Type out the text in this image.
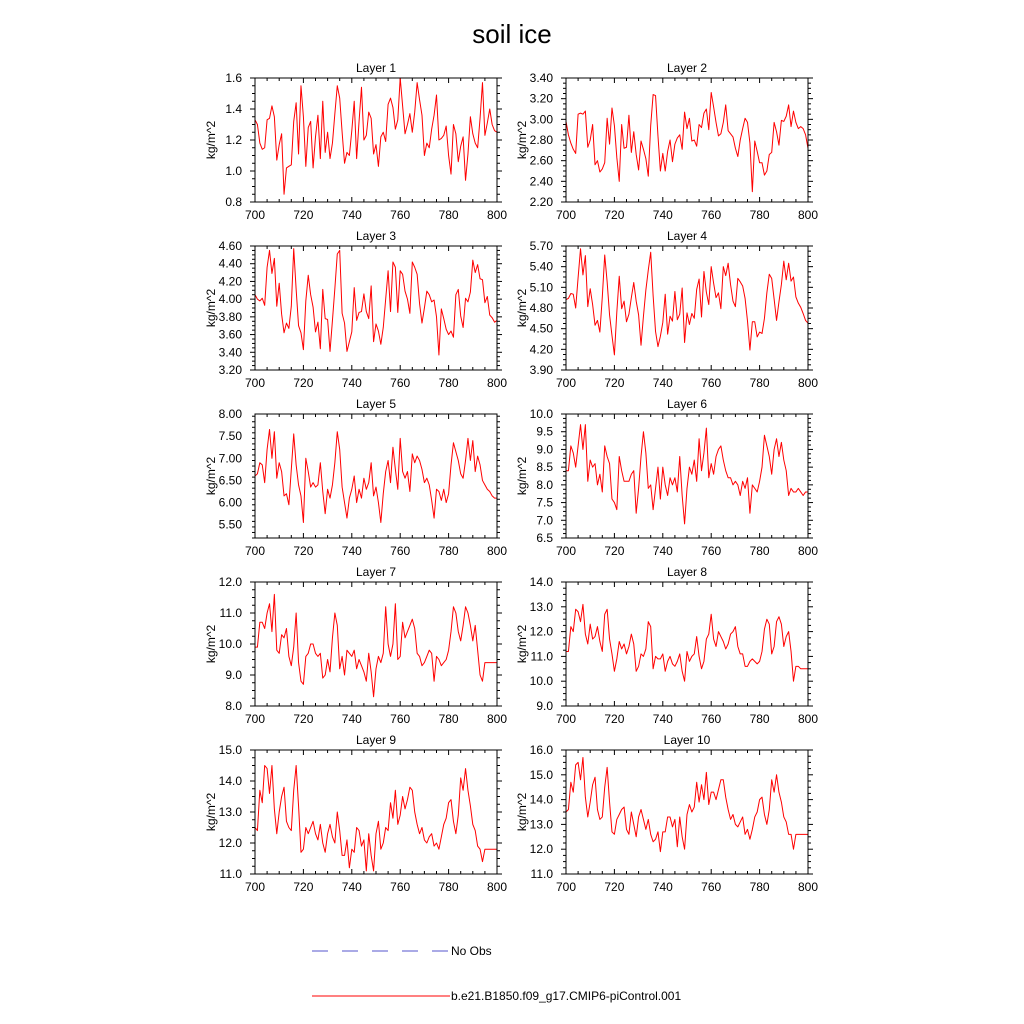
soil ice
Layer 1
kg/m^2
700 720 740 760 780 800
0.8
1.0
1.2
1.4
1.6
Layer 2
kg/m^2
700 720 740 760 780 800
2.20
2.40
2.60
2.80
3.00
3.20
3.40
Layer 3
kg/m^2
700 720 740 760 780 800
3.20
3.40
3.60
3.80
4.00
4.20
4.40
4.60
Layer 4
kg/m^2
700 720 740 760 780 800
3.90
4.20
4.50
4.80
5.10
5.40
5.70
Layer 5
kg/m^2
700 720 740 760 780 800
5.50
6.00
6.50
7.00
7.50
8.00
Layer 6
kg/m^2
700 720 740 760 780 800
6.5
7.0
7.5
8.0
8.5
9.0
9.5
10.0
Layer 7
kg/m^2
700 720 740 760 780 800
8.0
9.0
10.0
11.0
12.0
Layer 8
kg/m^2
700 720 740 760 780 800
9.0
10.0
11.0
12.0
13.0
14.0
Layer 9
kg/m^2
700 720 740 760 780 800
11.0
12.0
13.0
14.0
15.0
Layer 10
kg/m^2
700 720 740 760 780 800
11.0
12.0
13.0
14.0
15.0
16.0
No Obs
b.e21.B1850.f09_g17.CMIP6-piControl.001
